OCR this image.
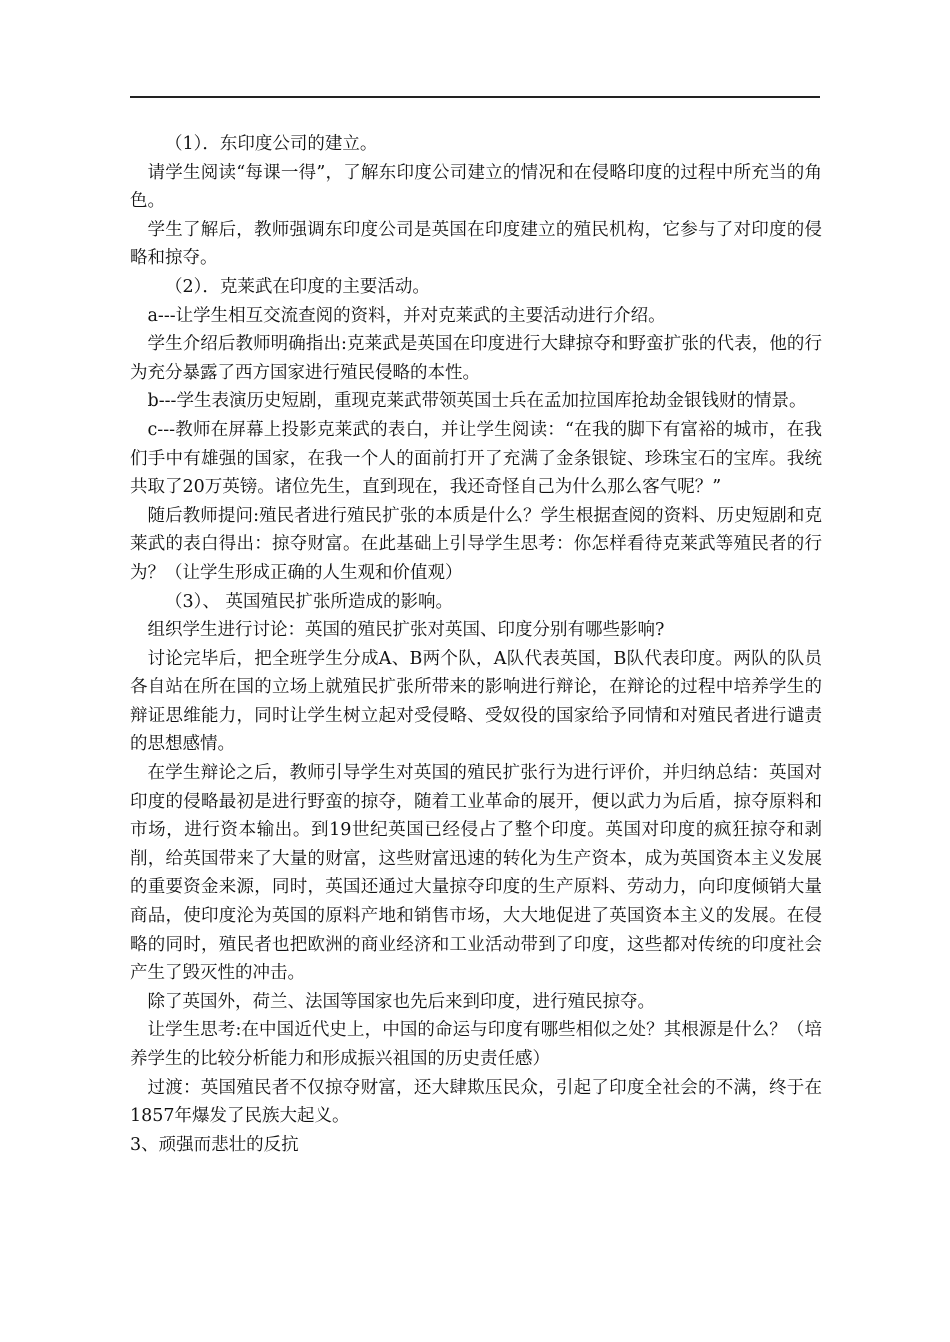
（1）．东印度公司的建立。

请学生阅读“每课一得”，了解东印度公司建立的情况和在侵略印度的过程中所充当的角色。

学生了解后，教师强调东印度公司是英国在印度建立的殖民机构，它参与了对印度的侵略和掠夺。

（2）．克莱武在印度的主要活动。

a---让学生相互交流查阅的资料，并对克莱武的主要活动进行介绍。

学生介绍后教师明确指出:克莱武是英国在印度进行大肆掠夺和野蛮扩张的代表，他的行为充分暴露了西方国家进行殖民侵略的本性。

b---学生表演历史短剧，重现克莱武带领英国士兵在孟加拉国库抢劫金银钱财的情景。

c---教师在屏幕上投影克莱武的表白，并让学生阅读：“在我的脚下有富裕的城市，在我们手中有雄强的国家，在我一个人的面前打开了充满了金条银锭、珍珠宝石的宝库。我统共取了20万英镑。诸位先生，直到现在，我还奇怪自己为什么那么客气呢？”

随后教师提问:殖民者进行殖民扩张的本质是什么？学生根据查阅的资料、历史短剧和克莱武的表白得出：掠夺财富。在此基础上引导学生思考：你怎样看待克莱武等殖民者的行为？（让学生形成正确的人生观和价值观）

（3）、 英国殖民扩张所造成的影响。

组织学生进行讨论：英国的殖民扩张对英国、印度分别有哪些影响?

讨论完毕后，把全班学生分成A、B两个队，A队代表英国，B队代表印度。两队的队员各自站在所在国的立场上就殖民扩张所带来的影响进行辩论，在辩论的过程中培养学生的辩证思维能力，同时让学生树立起对受侵略、受奴役的国家给予同情和对殖民者进行谴责的思想感情。

在学生辩论之后，教师引导学生对英国的殖民扩张行为进行评价，并归纳总结：英国对印度的侵略最初是进行野蛮的掠夺，随着工业革命的展开，便以武力为后盾，掠夺原料和市场，进行资本输出。到19世纪英国已经侵占了整个印度。英国对印度的疯狂掠夺和剥削，给英国带来了大量的财富，这些财富迅速的转化为生产资本，成为英国资本主义发展的重要资金来源，同时，英国还通过大量掠夺印度的生产原料、劳动力，向印度倾销大量商品，使印度沦为英国的原料产地和销售市场，大大地促进了英国资本主义的发展。在侵略的同时，殖民者也把欧洲的商业经济和工业活动带到了印度，这些都对传统的印度社会产生了毁灭性的冲击。

除了英国外，荷兰、法国等国家也先后来到印度，进行殖民掠夺。

让学生思考:在中国近代史上，中国的命运与印度有哪些相似之处？其根源是什么？（培养学生的比较分析能力和形成振兴祖国的历史责任感）

过渡：英国殖民者不仅掠夺财富，还大肆欺压民众，引起了印度全社会的不满，终于在1857年爆发了民族大起义。

3、顽强而悲壮的反抗
